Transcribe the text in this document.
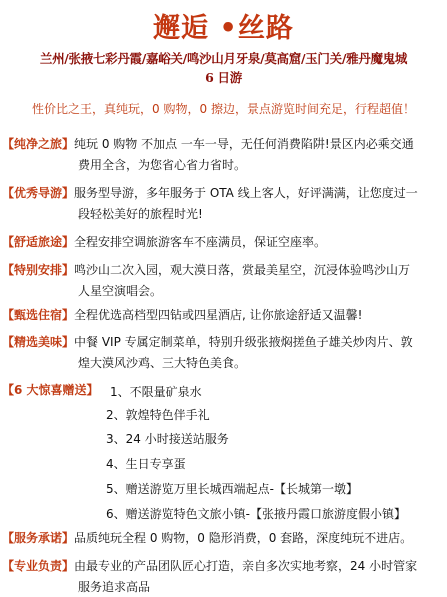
邂逅 •丝路
兰州/张掖七彩丹霞/嘉峪关/鸣沙山月牙泉/莫高窟/玉门关/雅丹魔鬼城
6 日游
性价比之王，真纯玩，0 购物，0 擦边，景点游览时间充足，行程超值！
【纯净之旅】纯玩 0 购物 不加点 一车一导，无任何消费陷阱!景区内必乘交通
费用全含，为您省心省力省时。
【优秀导游】服务型导游，多年服务于 OTA 线上客人，好评满满，让您度过一
段轻松美好的旅程时光!
【舒适旅途】全程安排空调旅游客车不座满员，保证空座率。
【特别安排】鸣沙山二次入园，观大漠日落，赏最美星空，沉浸体验鸣沙山万
人星空演唱会。
【甄选住宿】全程优选高档型四钻或四星酒店, 让你旅途舒适又温馨!
【精选美味】中餐 VIP 专属定制菜单，特别升级张掖焖搓鱼子雄关炒肉片、敦
煌大漠风沙鸡、三大特色美食。
【6 大惊喜赠送】 1、不限量矿泉水
2、敦煌特色伴手礼
3、24 小时接送站服务
4、生日专享蛋
5、赠送游览万里长城西端起点-【长城第一墩】
6、赠送游览特色文旅小镇-【张掖丹霞口旅游度假小镇】
【服务承诺】品质纯玩全程 0 购物，0 隐形消费，0 套路，深度纯玩不进店。
【专业负责】由最专业的产品团队匠心打造，亲自多次实地考察，24 小时管家
服务追求高品
